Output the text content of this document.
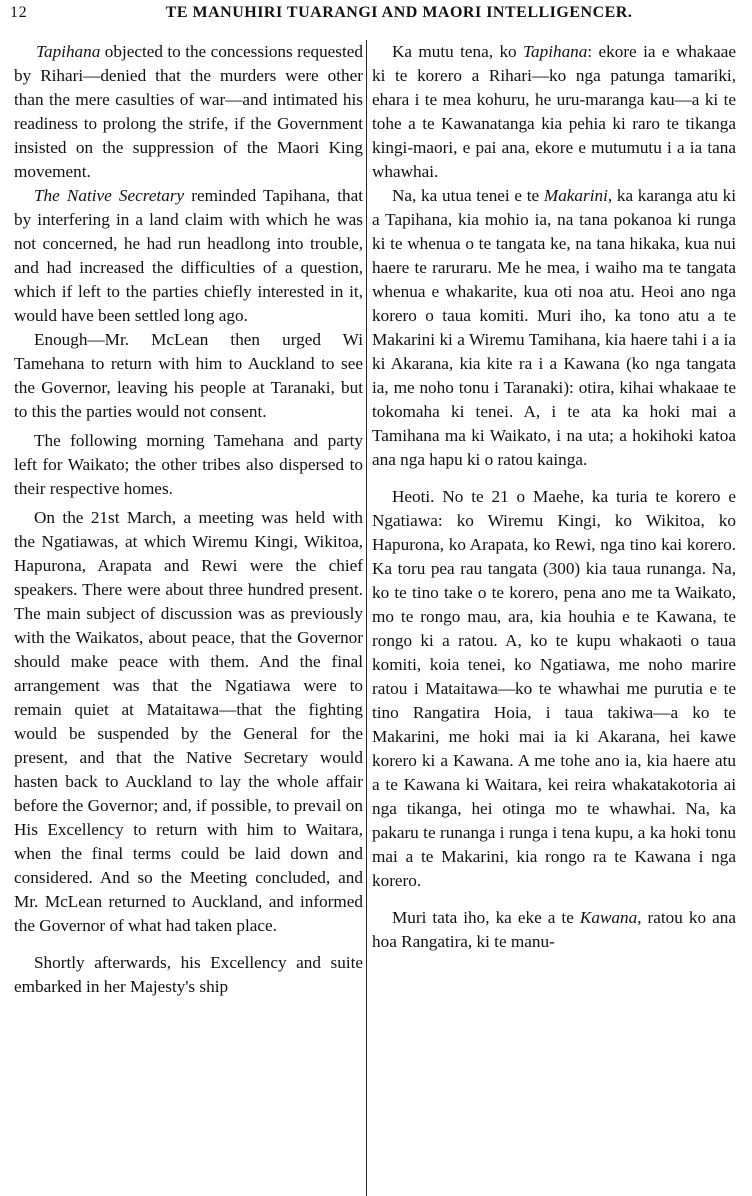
12	TE MANUHIRI TUARANGI AND MAORI INTELLIGENCER.

Tapihana objected to the concessions requested by Rihari—denied that the murders were other than the mere casulties of war—and intimated his readiness to prolong the strife, if the Government insisted on the suppression of the Maori King movement.

The Native Secretary reminded Tapihana, that by interfering in a land claim with which he was not concerned, he had run headlong into trouble, and had increased the difficulties of a question, which if left to the parties chiefly interested in it, would have been settled long ago.

Enough—Mr. McLean then urged Wi Tamehana to return with him to Auckland to see the Governor, leaving his people at Taranaki, but to this the parties would not consent.

The following morning Tamehana and party left for Waikato; the other tribes also dispersed to their respective homes.

On the 21st March, a meeting was held with the Ngatiawas, at which Wiremu Kingi, Wikitoa, Hapurona, Arapata and Rewi were the chief speakers. There were about three hundred present. The main subject of discussion was as previously with the Waikatos, about peace, that the Governor should make peace with them. And the final arrangement was that the Ngatiawa were to remain quiet at Mataitawa—that the fighting would be suspended by the General for the present, and that the Native Secretary would hasten back to Auckland to lay the whole affair before the Governor; and, if possible, to prevail on His Excellency to return with him to Waitara, when the final terms could be laid down and considered. And so the Meeting concluded, and Mr. McLean returned to Auckland, and informed the Governor of what had taken place.

Shortly afterwards, his Excellency and suite embarked in her Majesty's ship

Ka mutu tena, ko Tapihana: ekore ia e whakaae ki te korero a Rihari—ko nga patunga tamariki, ehara i te mea kohuru, he uru-maranga kau—a ki te tohe a te Kawanatanga kia pehia ki raro te tikanga kingi-maori, e pai ana, ekore e mutumutu i a ia tana whawhai.

Na, ka utua tenei e te Makarini, ka karanga atu ki a Tapihana, kia mohio ia, na tana pokanoa ki runga ki te whenua o te tangata ke, na tana hikaka, kua nui haere te raruraru. Me he mea, i waiho ma te tangata whenua e whakarite, kua oti noa atu. Heoi ano nga korero o taua komiti. Muri iho, ka tono atu a te Makarini ki a Wiremu Tamihana, kia haere tahi i a ia ki Akarana, kia kite ra i a Kawana (ko nga tangata ia, me noho tonu i Taranaki): otira, kihai whakaae te tokomaha ki tenei. A, i te ata ka hoki mai a Tamihana ma ki Waikato, i na uta; a hokihoki katoa ana nga hapu ki o ratou kainga.

Heoti. No te 21 o Maehe, ka turia te korero e Ngatiawa: ko Wiremu Kingi, ko Wikitoa, ko Hapurona, ko Arapata, ko Rewi, nga tino kai korero. Ka toru pea rau tangata (300) kia taua runanga. Na, ko te tino take o te korero, pena ano me ta Waikato, mo te rongo mau, ara, kia houhia e te Kawana, te rongo ki a ratou. A, ko te kupu whakaoti o taua komiti, koia tenei, ko Ngatiawa, me noho marire ratou i Mataitawa—ko te whawhai me purutia e te tino Rangatira Hoia, i taua takiwa—a ko te Makarini, me hoki mai ia ki Akarana, hei kawe korero ki a Kawana. A me tohe ano ia, kia haere atu a te Kawana ki Waitara, kei reira whakatakotoria ai nga tikanga, hei otinga mo te whawhai. Na, ka pakaru te runanga i runga i tena kupu, a ka hoki tonu mai a te Makarini, kia rongo ra te Kawana i nga korero.

Muri tata iho, ka eke a te Kawana, ratou ko ana hoa Rangatira, ki te manu-
